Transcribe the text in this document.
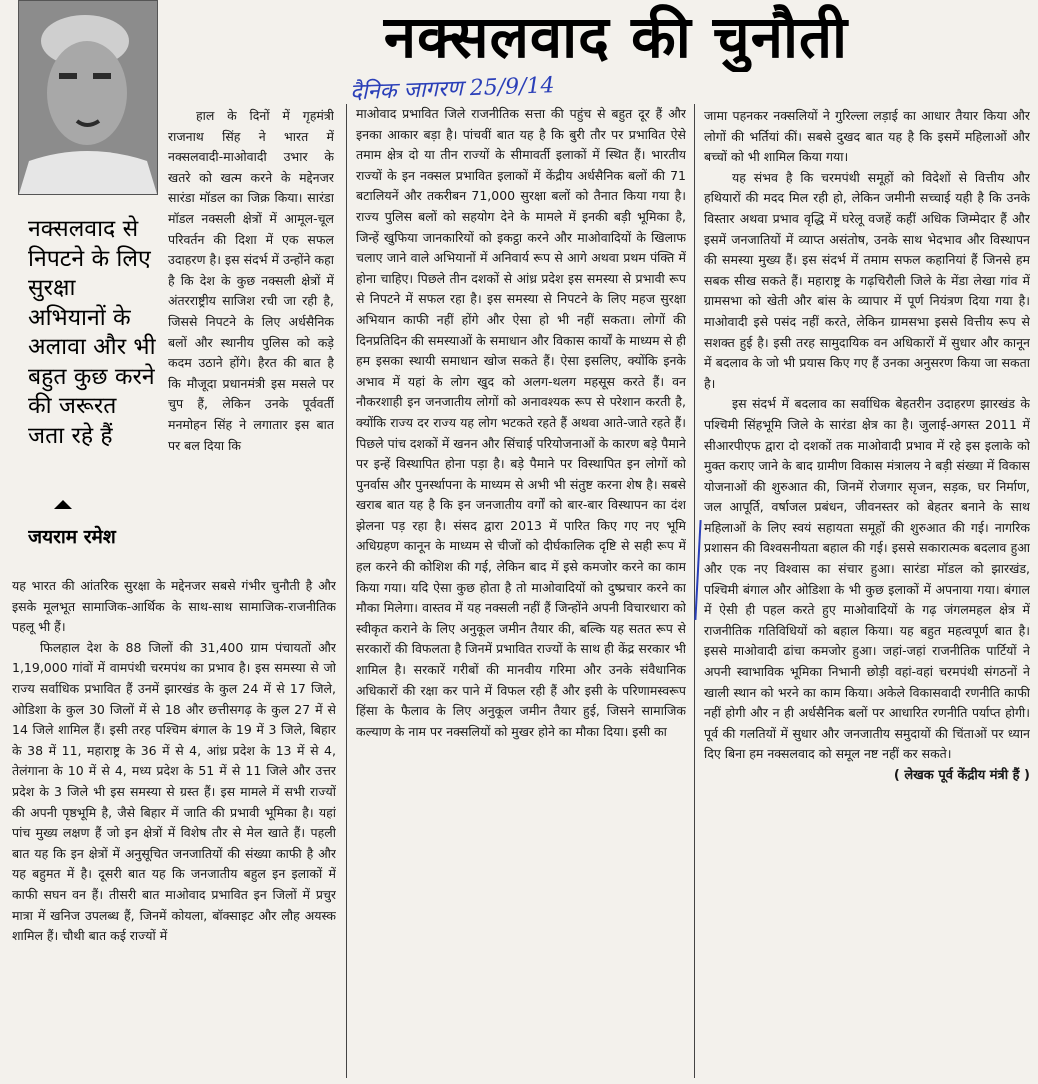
नक्सलवाद की चुनौती
दैनिक जागरण 25/9/14
नक्सलवाद से निपटने के लिए सुरक्षा अभियानों के अलावा और भी बहुत कुछ करने की जरूरत जता रहे हैं
जयराम रमेश

हाल के दिनों में गृहमंत्री राजनाथ सिंह ने भारत में नक्सलवादी-माओवादी उभार के खतरे को खत्म करने के मद्देनजर सारंडा मॉडल का जिक्र किया। सारंडा मॉडल नक्सली क्षेत्रों में आमूल-चूल परिवर्तन की दिशा में एक सफल उदाहरण है। इस संदर्भ में उन्होंने कहा है कि देश के कुछ नक्सली क्षेत्रों में अंतरराष्ट्रीय साजिश रची जा रही है, जिससे निपटने के लिए अर्धसैनिक बलों और स्थानीय पुलिस को कड़े कदम उठाने होंगे। हैरत की बात है कि मौजूदा प्रधानमंत्री इस मसले पर चुप हैं, लेकिन उनके पूर्ववर्ती मनमोहन सिंह ने लगातार इस बात पर बल दिया कि

यह भारत की आंतरिक सुरक्षा के मद्देनजर सबसे गंभीर चुनौती है और इसके मूलभूत सामाजिक-आर्थिक के साथ-साथ सामाजिक-राजनीतिक पहलू भी हैं।

फिलहाल देश के 88 जिलों की 31,400 ग्राम पंचायतों और 1,19,000 गांवों में वामपंथी चरमपंथ का प्रभाव है। इस समस्या से जो राज्य सर्वाधिक प्रभावित हैं उनमें झारखंड के कुल 24 में से 17 जिले, ओडिशा के कुल 30 जिलों में से 18 और छत्तीसगढ़ के कुल 27 में से 14 जिले शामिल हैं। इसी तरह पश्चिम बंगाल के 19 में 3 जिले, बिहार के 38 में 11, महाराष्ट्र के 36 में से 4, आंध्र प्रदेश के 13 में से 4, तेलंगाना के 10 में से 4, मध्य प्रदेश के 51 में से 11 जिले और उत्तर प्रदेश के 3 जिले भी इस समस्या से ग्रस्त हैं। इस मामले में सभी राज्यों की अपनी पृष्ठभूमि है, जैसे बिहार में जाति की प्रभावी भूमिका है। यहां पांच मुख्य लक्षण हैं जो इन क्षेत्रों में विशेष तौर से मेल खाते हैं। पहली बात यह कि इन क्षेत्रों में अनुसूचित जनजातियों की संख्या काफी है और यह बहुमत में है। दूसरी बात यह कि जनजातीय बहुल इन इलाकों में काफी सघन वन हैं। तीसरी बात माओवाद प्रभावित इन जिलों में प्रचुर मात्रा में खनिज उपलब्ध हैं, जिनमें कोयला, बॉक्साइट और लौह अयस्क शामिल हैं। चौथी बात कई राज्यों में

माओवाद प्रभावित जिले राजनीतिक सत्ता की पहुंच से बहुत दूर हैं और इनका आकार बड़ा है। पांचवीं बात यह है कि बुरी तौर पर प्रभावित ऐसे तमाम क्षेत्र दो या तीन राज्यों के सीमावर्ती इलाकों में स्थित हैं। भारतीय राज्यों के इन नक्सल प्रभावित इलाकों में केंद्रीय अर्धसैनिक बलों की 71 बटालियनें और तकरीबन 71,000 सुरक्षा बलों को तैनात किया गया है। राज्य पुलिस बलों को सहयोग देने के मामले में इनकी बड़ी भूमिका है, जिन्हें खुफिया जानकारियों को इकट्ठा करने और माओवादियों के खिलाफ चलाए जाने वाले अभियानों में अनिवार्य रूप से आगे अथवा प्रथम पंक्ति में होना चाहिए। पिछले तीन दशकों से आंध्र प्रदेश इस समस्या से प्रभावी रूप से निपटने में सफल रहा है। इस समस्या से निपटने के लिए महज सुरक्षा अभियान काफी नहीं होंगे और ऐसा हो भी नहीं सकता। लोगों की दिनप्रतिदिन की समस्याओं के समाधान और विकास कार्यों के माध्यम से ही हम इसका स्थायी समाधान खोज सकते हैं। ऐसा इसलिए, क्योंकि इनके अभाव में यहां के लोग खुद को अलग-थलग महसूस करते हैं। वन नौकरशाही इन जनजातीय लोगों को अनावश्यक रूप से परेशान करती है, क्योंकि राज्य दर राज्य यह लोग भटकते रहते हैं अथवा आते-जाते रहते हैं। पिछले पांच दशकों में खनन और सिंचाई परियोजनाओं के कारण बड़े पैमाने पर इन्हें विस्थापित होना पड़ा है। बड़े पैमाने पर विस्थापित इन लोगों को पुनर्वास और पुनर्स्थापना के माध्यम से अभी भी संतुष्ट करना शेष है। सबसे खराब बात यह है कि इन जनजातीय वर्गों को बार-बार विस्थापन का दंश झेलना पड़ रहा है। संसद द्वारा 2013 में पारित किए गए नए भूमि अधिग्रहण कानून के माध्यम से चीजों को दीर्घकालिक दृष्टि से सही रूप में हल करने की कोशिश की गई, लेकिन बाद में इसे कमजोर करने का काम किया गया। यदि ऐसा कुछ होता है तो माओवादियों को दुष्प्रचार करने का मौका मिलेगा। वास्तव में यह नक्सली नहीं हैं जिन्होंने अपनी विचारधारा को स्वीकृत कराने के लिए अनुकूल जमीन तैयार की, बल्कि यह सतत रूप से सरकारों की विफलता है जिनमें प्रभावित राज्यों के साथ ही केंद्र सरकार भी शामिल है। सरकारें गरीबों की मानवीय गरिमा और उनके संवैधानिक अधिकारों की रक्षा कर पाने में विफल रही हैं और इसी के परिणामस्वरूप हिंसा के फैलाव के लिए अनुकूल जमीन तैयार हुई, जिसने सामाजिक कल्याण के नाम पर नक्सलियों को मुखर होने का मौका दिया। इसी का

जामा पहनकर नक्सलियों ने गुरिल्ला लड़ाई का आधार तैयार किया और लोगों की भर्तियां कीं। सबसे दुखद बात यह है कि इसमें महिलाओं और बच्चों को भी शामिल किया गया।

यह संभव है कि चरमपंथी समूहों को विदेशों से वित्तीय और हथियारों की मदद मिल रही हो, लेकिन जमीनी सच्चाई यही है कि उनके विस्तार अथवा प्रभाव वृद्धि में घरेलू वजहें कहीं अधिक जिम्मेदार हैं और इसमें जनजातियों में व्याप्त असंतोष, उनके साथ भेदभाव और विस्थापन की समस्या मुख्य हैं। इस संदर्भ में तमाम सफल कहानियां हैं जिनसे हम सबक सीख सकते हैं। महाराष्ट्र के गढ़चिरौली जिले के मेंडा लेखा गांव में ग्रामसभा को खेती और बांस के व्यापार में पूर्ण नियंत्रण दिया गया है। माओवादी इसे पसंद नहीं करते, लेकिन ग्रामसभा इससे वित्तीय रूप से सशक्त हुई है। इसी तरह सामुदायिक वन अधिकारों में सुधार और कानून में बदलाव के जो भी प्रयास किए गए हैं उनका अनुसरण किया जा सकता है।

इस संदर्भ में बदलाव का सर्वाधिक बेहतरीन उदाहरण झारखंड के पश्चिमी सिंहभूमि जिले के सारंडा क्षेत्र का है। जुलाई-अगस्त 2011 में सीआरपीएफ द्वारा दो दशकों तक माओवादी प्रभाव में रहे इस इलाके को मुक्त कराए जाने के बाद ग्रामीण विकास मंत्रालय ने बड़ी संख्या में विकास योजनाओं की शुरुआत की, जिनमें रोजगार सृजन, सड़क, घर निर्माण, जल आपूर्ति, वर्षाजल प्रबंधन, जीवनस्तर को बेहतर बनाने के साथ महिलाओं के लिए स्वयं सहायता समूहों की शुरुआत की गई। नागरिक प्रशासन की विश्वसनीयता बहाल की गई। इससे सकारात्मक बदलाव हुआ और एक नए विश्वास का संचार हुआ। सारंडा मॉडल को झारखंड, पश्चिमी बंगाल और ओडिशा के भी कुछ इलाकों में अपनाया गया। बंगाल में ऐसी ही पहल करते हुए माओवादियों के गढ़ जंगलमहल क्षेत्र में राजनीतिक गतिविधियों को बहाल किया। यह बहुत महत्वपूर्ण बात है। इससे माओवादी ढांचा कमजोर हुआ। जहां-जहां राजनीतिक पार्टियों ने अपनी स्वाभाविक भूमिका निभानी छोड़ी वहां-वहां चरमपंथी संगठनों ने खाली स्थान को भरने का काम किया। अकेले विकासवादी रणनीति काफी नहीं होगी और न ही अर्धसैनिक बलों पर आधारित रणनीति पर्याप्त होगी। पूर्व की गलतियों में सुधार और जनजातीय समुदायों की चिंताओं पर ध्यान दिए बिना हम नक्सलवाद को समूल नष्ट नहीं कर सकते।

( लेखक पूर्व केंद्रीय मंत्री हैं )
